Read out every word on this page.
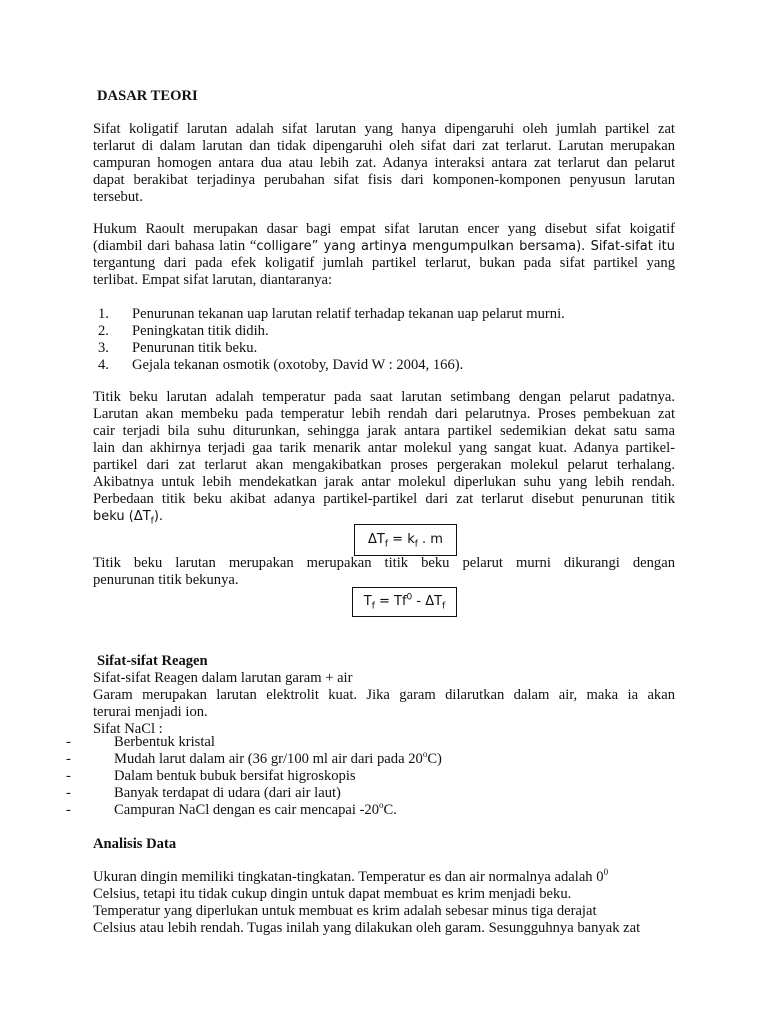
DASAR TEORI
Sifat koligatif larutan adalah sifat larutan yang hanya dipengaruhi oleh jumlah partikel zat
terlarut di dalam larutan dan tidak dipengaruhi oleh sifat dari zat terlarut. Larutan merupakan
campuran homogen antara dua atau lebih zat. Adanya interaksi antara zat terlarut dan pelarut
dapat berakibat terjadinya perubahan sifat fisis dari komponen-komponen penyusun larutan
tersebut.
Hukum Raoult merupakan dasar bagi empat sifat larutan encer yang disebut sifat koigatif
(diambil dari bahasa latin “colligare” yang artinya mengumpulkan bersama). Sifat-sifat itu
tergantung dari pada efek koligatif jumlah partikel terlarut, bukan pada sifat partikel yang
terlibat. Empat sifat larutan, diantaranya:
1.	Penurunan tekanan uap larutan relatif terhadap tekanan uap pelarut murni.
2.	Peningkatan titik didih.
3.	Penurunan titik beku.
4.	Gejala tekanan osmotik (oxotoby, David W : 2004, 166).
Titik beku larutan adalah temperatur pada saat larutan setimbang dengan pelarut padatnya.
Larutan akan membeku pada temperatur lebih rendah dari pelarutnya. Proses pembekuan zat
cair terjadi bila suhu diturunkan, sehingga jarak antara partikel sedemikian dekat satu sama
lain dan akhirnya terjadi gaa tarik menarik antar molekul yang sangat kuat. Adanya partikel-
partikel dari zat terlarut akan mengakibatkan proses pergerakan molekul pelarut terhalang.
Akibatnya untuk lebih mendekatkan jarak antar molekul diperlukan suhu yang lebih rendah.
Perbedaan titik beku akibat adanya partikel-partikel dari zat terlarut disebut penurunan titik
beku $(\Delta T_f)$.
$\Delta T_f = k_f$ . m
Titik beku larutan merupakan merupakan titik beku pelarut murni dikurangi dengan
penurunan titik bekunya.
$T_f = Tf^0 - \Delta T_f$
Sifat-sifat Reagen
Sifat-sifat Reagen dalam larutan garam + air
Garam merupakan larutan elektrolit kuat. Jika garam dilarutkan dalam air, maka ia akan
terurai menjadi ion.
Sifat NaCl :
-	Berbentuk kristal
-	Mudah larut dalam air (36 gr/100 ml air dari pada 20$^o$C)
-	Dalam bentuk bubuk bersifat higroskopis
-	Banyak terdapat di udara (dari air laut)
-	Campuran NaCl dengan es cair mencapai -20$^o$C.
Analisis Data
Ukuran dingin memiliki tingkatan-tingkatan. Temperatur es dan air normalnya adalah $0^0$
Celsius, tetapi itu tidak cukup dingin untuk dapat membuat es krim menjadi beku.
Temperatur yang diperlukan untuk membuat es krim adalah sebesar minus tiga derajat
Celsius atau lebih rendah. Tugas inilah yang dilakukan oleh garam. Sesungguhnya banyak zat
